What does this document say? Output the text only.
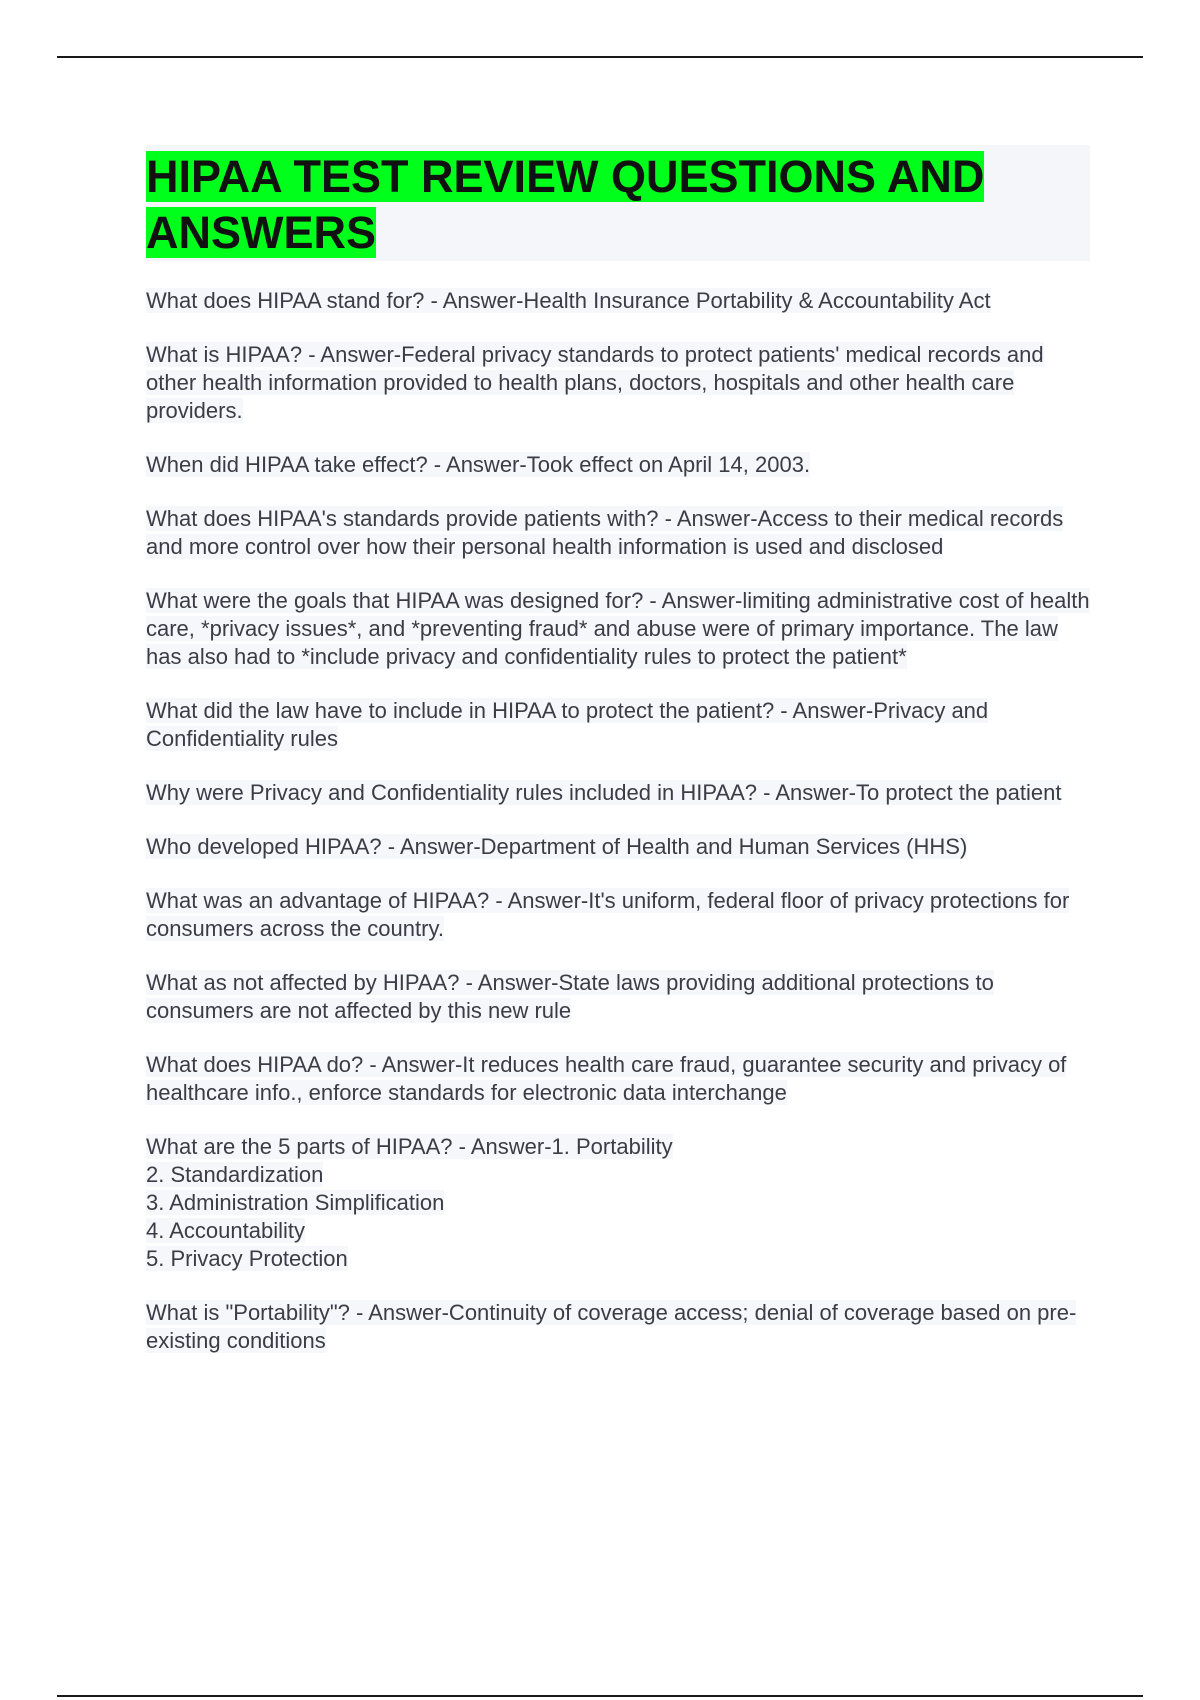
HIPAA TEST REVIEW QUESTIONS AND ANSWERS

What does HIPAA stand for? - Answer-Health Insurance Portability & Accountability Act

What is HIPAA? - Answer-Federal privacy standards to protect patients' medical records and other health information provided to health plans, doctors, hospitals and other health care providers.

When did HIPAA take effect? - Answer-Took effect on April 14, 2003.

What does HIPAA's standards provide patients with? - Answer-Access to their medical records and more control over how their personal health information is used and disclosed

What were the goals that HIPAA was designed for? - Answer-limiting administrative cost of health care, *privacy issues*, and *preventing fraud* and abuse were of primary importance. The law has also had to *include privacy and confidentiality rules to protect the patient*

What did the law have to include in HIPAA to protect the patient? - Answer-Privacy and Confidentiality rules

Why were Privacy and Confidentiality rules included in HIPAA? - Answer-To protect the patient

Who developed HIPAA? - Answer-Department of Health and Human Services (HHS)

What was an advantage of HIPAA? - Answer-It's uniform, federal floor of privacy protections for consumers across the country.

What as not affected by HIPAA? - Answer-State laws providing additional protections to consumers are not affected by this new rule

What does HIPAA do? - Answer-It reduces health care fraud, guarantee security and privacy of healthcare info., enforce standards for electronic data interchange

What are the 5 parts of HIPAA? - Answer-1. Portability
2. Standardization
3. Administration Simplification
4. Accountability
5. Privacy Protection

What is "Portability"? - Answer-Continuity of coverage access; denial of coverage based on pre-existing conditions
